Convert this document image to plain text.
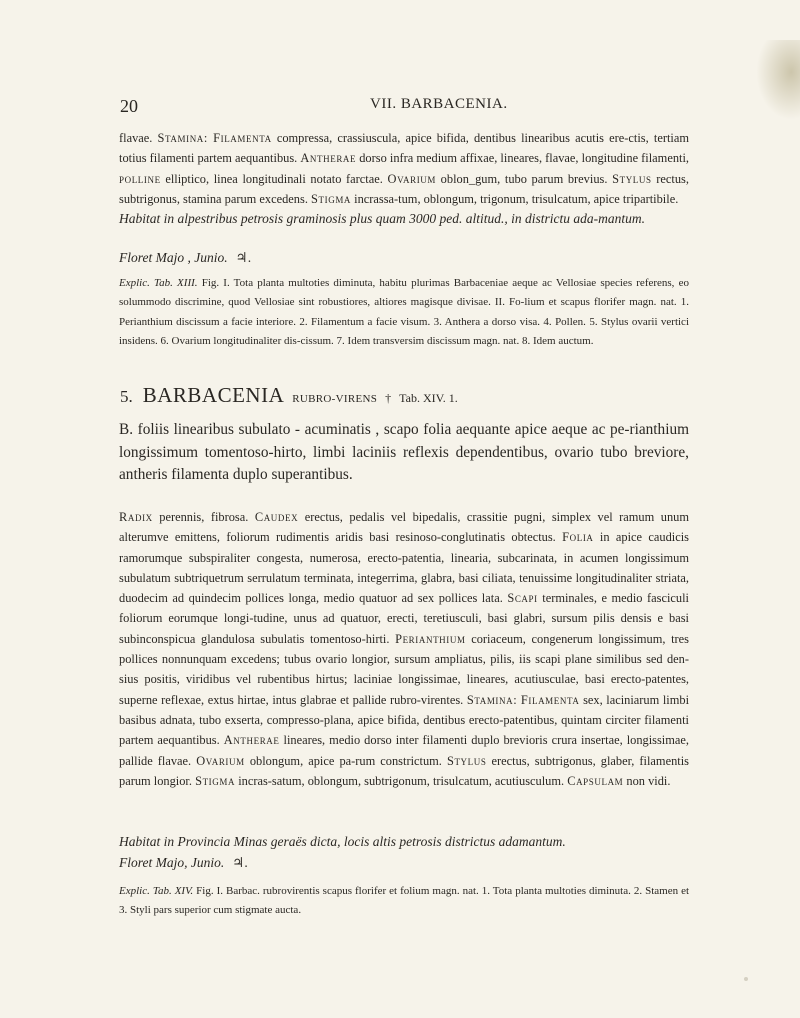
20	VII. BARBACENIA.
flavae. Stamina: Filamenta compressa, crassiuscula, apice bifida, dentibus linearibus acutis ere-ctis, tertiam totius filamenti partem aequantibus. Antherae dorso infra medium affixae, lineares, flavae, longitudine filamenti, polline elliptico, linea longitudinali notato farctae. Ovarium oblon_gum, tubo parum brevius. Stylus rectus, subtrigonus, stamina parum excedens. Stigma incrassa-tum, oblongum, trigonum, trisulcatum, apice tripartibile.
Habitat in alpestribus petrosis graminosis plus quam 3000 ped. altitud., in districtu ada-mantum.
Floret Majo , Junio. ♃.
Explic. Tab. XIII. Fig. I. Tota planta multoties diminuta, habitu plurimas Barbaceniae aeque ac Vellosiae species referens, eo solummodo discrimine, quod Vellosiae sint robustiores, altiores magisque divisae. II. Fo-lium et scapus florifer magn. nat. 1. Perianthium discissum a facie interiore. 2. Filamentum a facie visum. 3. Anthera a dorso visa. 4. Pollen. 5. Stylus ovarii vertici insidens. 6. Ovarium longitudinaliter dis-cissum. 7. Idem transversim discissum magn. nat. 8. Idem auctum.
5. BARBACENIA RUBRO-VIRENS † Tab. XIV. 1.
B. foliis linearibus subulato - acuminatis , scapo folia aequante apice aeque ac pe-rianthium longissimum tomentoso-hirto, limbi laciniis reflexis dependentibus, ovario tubo breviore, antheris filamenta duplo superantibus.
Radix perennis, fibrosa. Caudex erectus, pedalis vel bipedalis, crassitie pugni, simplex vel ramum unum alterumve emittens, foliorum rudimentis aridis basi resinoso-conglutinatis obtectus. Folia in apice caudicis ramorumque subspiraliter congesta, numerosa, erecto-patentia, linearia, subcarinata, in acumen longissimum subulatum subtriquetrum serrulatum terminata, integerrima, glabra, basi ciliata, tenuissime longitudinaliter striata, duodecim ad quindecim pollices longa, medio quatuor ad sex pollices lata. Scapi terminales, e medio fasciculi foliorum eorumque longi-tudine, unus ad quatuor, erecti, teretiusculi, basi glabri, sursum pilis densis e basi subinconspicua glandulosa subulatis tomentoso-hirti. Perianthium coriaceum, congenerum longissimum, tres pollices nonnunquam excedens; tubus ovario longior, sursum ampliatus, pilis, iis scapi plane similibus sed den-sius positis, viridibus vel rubentibus hirtus; laciniae longissimae, lineares, acutiusculae, basi erecto-patentes, superne reflexae, extus hirtae, intus glabrae et pallide rubro-virentes. Stamina: Filamenta sex, laciniarum limbi basibus adnata, tubo exserta, compresso-plana, apice bifida, dentibus erecto-patentibus, quintam circiter filamenti partem aequantibus. Antherae lineares, medio dorso inter filamenti duplo brevioris crura insertae, longissimae, pallide flavae. Ovarium oblongum, apice pa-rum constrictum. Stylus erectus, subtrigonus, glaber, filamentis parum longior. Stigma incras-satum, oblongum, subtrigonum, trisulcatum, acutiusculum. Capsulam non vidi.
Habitat in Provincia Minas geraës dicta, locis altis petrosis districtus adamantum.
Floret Majo, Junio. ♃.
Explic. Tab. XIV. Fig. I. Barbac. rubrovirentis scapus florifer et folium magn. nat. 1. Tota planta multoties diminuta. 2. Stamen et 3. Styli pars superior cum stigmate aucta.
